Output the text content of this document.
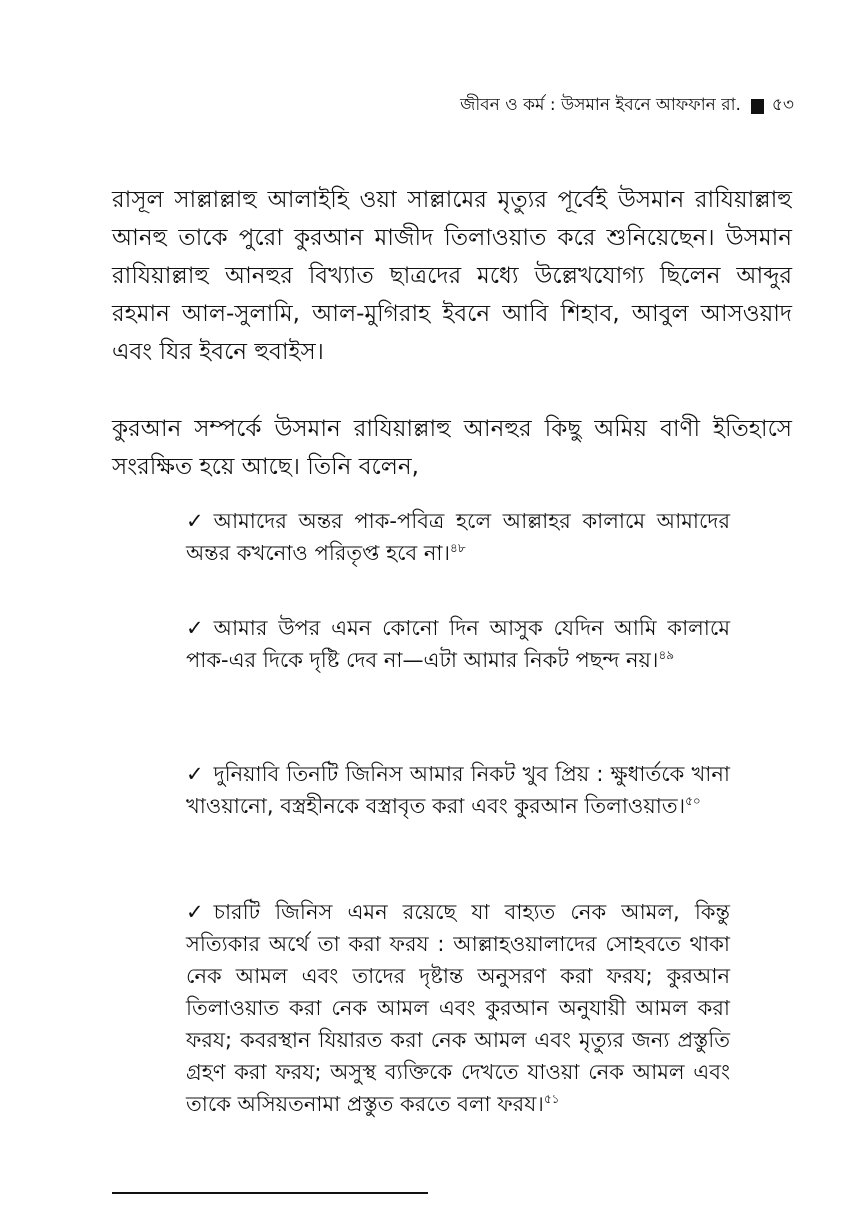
জীবন ও কর্ম : উসমান ইবনে আফফান রা. ৫৩

রাসূল সাল্লাল্লাহু আলাইহি ওয়া সাল্লামের মৃত্যুর পূর্বেই উসমান রাযিয়াল্লাহু আনহু তাকে পুরো কুরআন মাজীদ তিলাওয়াত করে শুনিয়েছেন। উসমান রাযিয়াল্লাহু আনহুর বিখ্যাত ছাত্রদের মধ্যে উল্লেখযোগ্য ছিলেন আব্দুর রহমান আল-সুলামি, আল-মুগিরাহ ইবনে আবি শিহাব, আবুল আসওয়াদ এবং যির ইবনে হুবাইস।

কুরআন সম্পর্কে উসমান রাযিয়াল্লাহু আনহুর কিছু অমিয় বাণী ইতিহাসে সংরক্ষিত হয়ে আছে। তিনি বলেন,

✓ আমাদের অন্তর পাক-পবিত্র হলে আল্লাহর কালামে আমাদের অন্তর কখনোও পরিতৃপ্ত হবে না।$^{৪৮}$
✓ আমার উপর এমন কোনো দিন আসুক যেদিন আমি কালামে পাক-এর দিকে দৃষ্টি দেব না—এটা আমার নিকট পছন্দ নয়।$^{৪৯}$
✓ দুনিয়াবি তিনটি জিনিস আমার নিকট খুব প্রিয় : ক্ষুধার্তকে খানা খাওয়ানো, বস্ত্রহীনকে বস্ত্রাবৃত করা এবং কুরআন তিলাওয়াত।$^{৫০}$
✓ চারটি জিনিস এমন রয়েছে যা বাহ্যত নেক আমল, কিন্তু সত্যিকার অর্থে তা করা ফরয : আল্লাহওয়ালাদের সোহবতে থাকা নেক আমল এবং তাদের দৃষ্টান্ত অনুসরণ করা ফরয; কুরআন তিলাওয়াত করা নেক আমল এবং কুরআন অনুযায়ী আমল করা ফরয; কবরস্থান যিয়ারত করা নেক আমল এবং মৃত্যুর জন্য প্রস্তুতি গ্রহণ করা ফরয; অসুস্থ ব্যক্তিকে দেখতে যাওয়া নেক আমল এবং তাকে অসিয়তনামা প্রস্তুত করতে বলা ফরয।$^{৫১}$
